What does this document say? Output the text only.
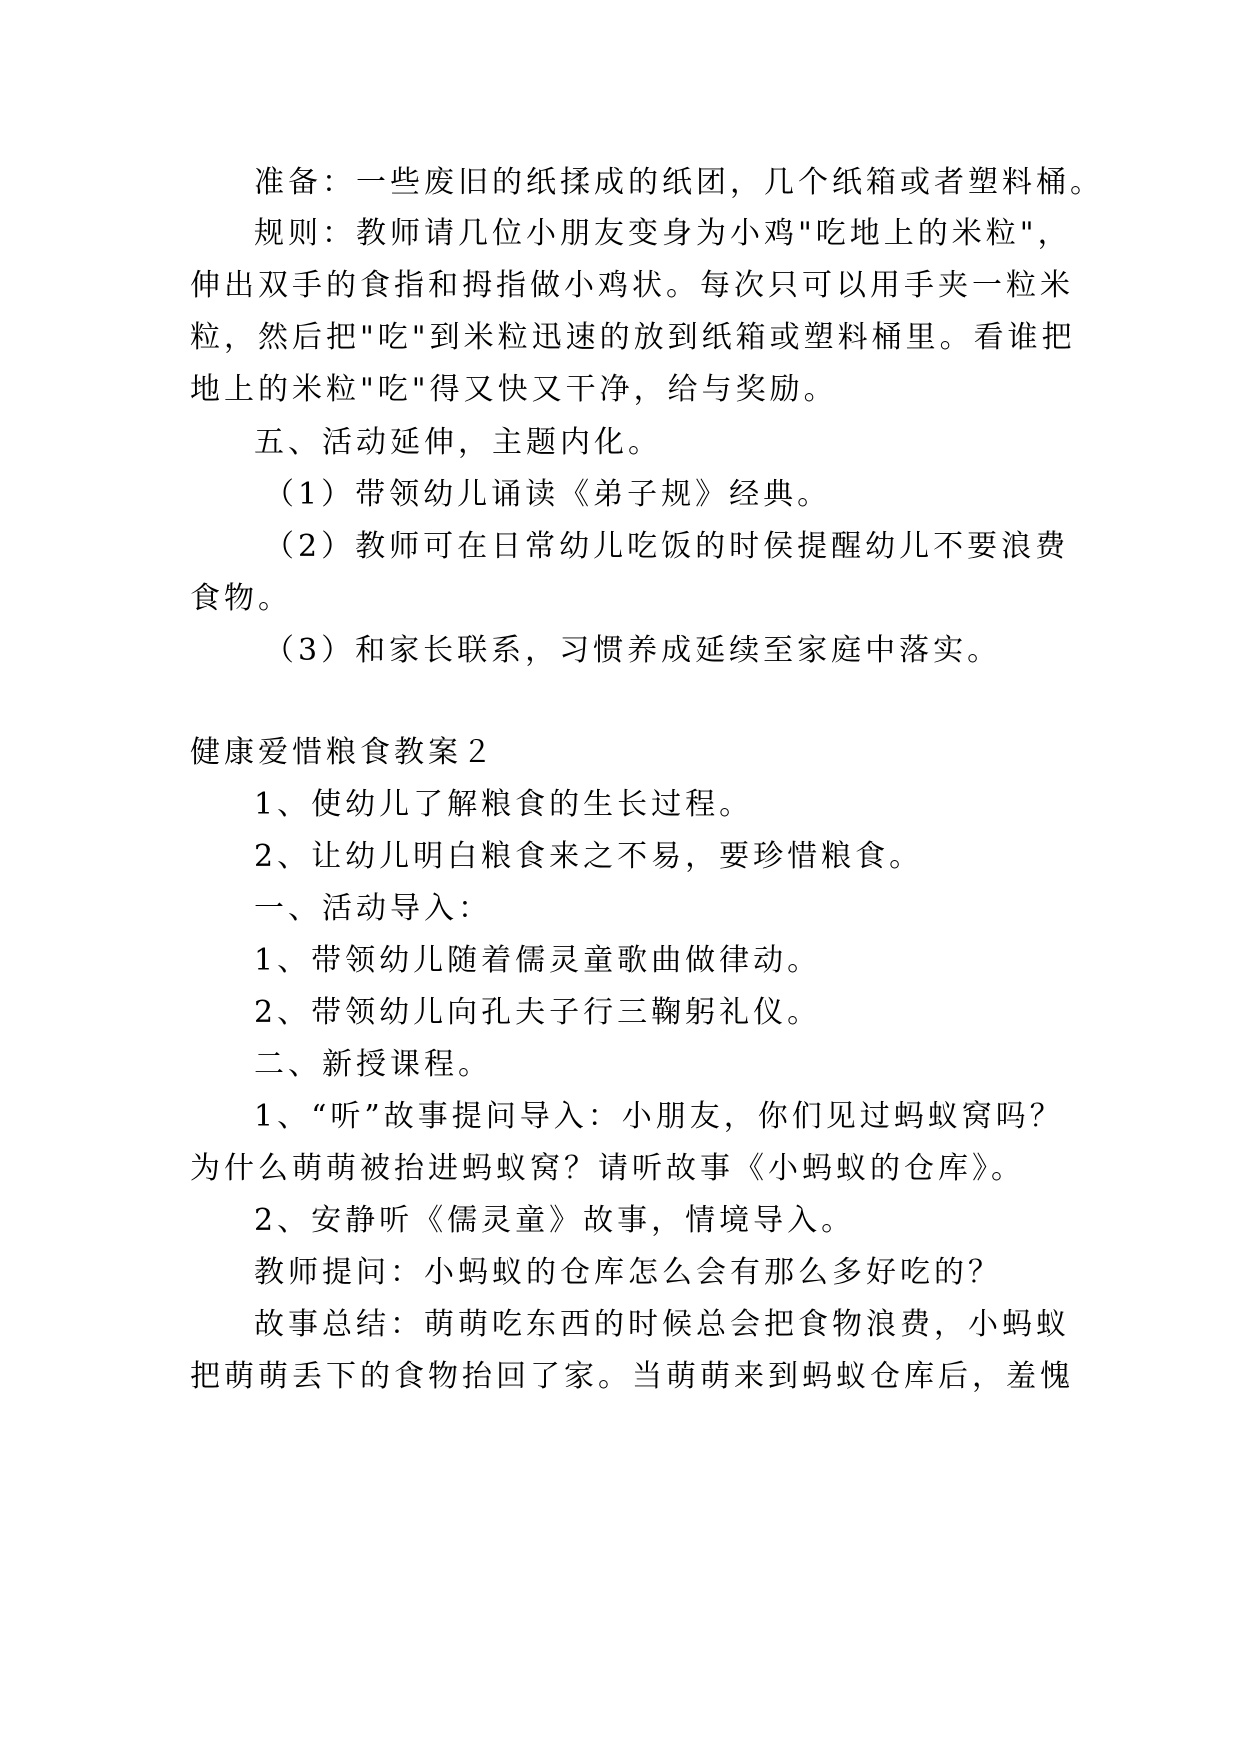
准备：一些废旧的纸揉成的纸团，几个纸箱或者塑料桶。
规则：教师请几位小朋友变身为小鸡"吃地上的米粒"，
伸出双手的食指和拇指做小鸡状。每次只可以用手夹一粒米
粒，然后把"吃"到米粒迅速的放到纸箱或塑料桶里。看谁把
地上的米粒"吃"得又快又干净，给与奖励。
五、活动延伸，主题内化。
（1）带领幼儿诵读《弟子规》经典。
（2）教师可在日常幼儿吃饭的时侯提醒幼儿不要浪费
食物。
（3）和家长联系，习惯养成延续至家庭中落实。
健康爱惜粮食教案２
1、使幼儿了解粮食的生长过程。
2、让幼儿明白粮食来之不易，要珍惜粮食。
一、活动导入：
1、带领幼儿随着儒灵童歌曲做律动。
2、带领幼儿向孔夫子行三鞠躬礼仪。
二、新授课程。
1、“听”故事提问导入：小朋友，你们见过蚂蚁窝吗？
为什么萌萌被抬进蚂蚁窝？请听故事《小蚂蚁的仓库》。
2、安静听《儒灵童》故事，情境导入。
教师提问：小蚂蚁的仓库怎么会有那么多好吃的？
故事总结：萌萌吃东西的时候总会把食物浪费，小蚂蚁
把萌萌丢下的食物抬回了家。当萌萌来到蚂蚁仓库后，羞愧
